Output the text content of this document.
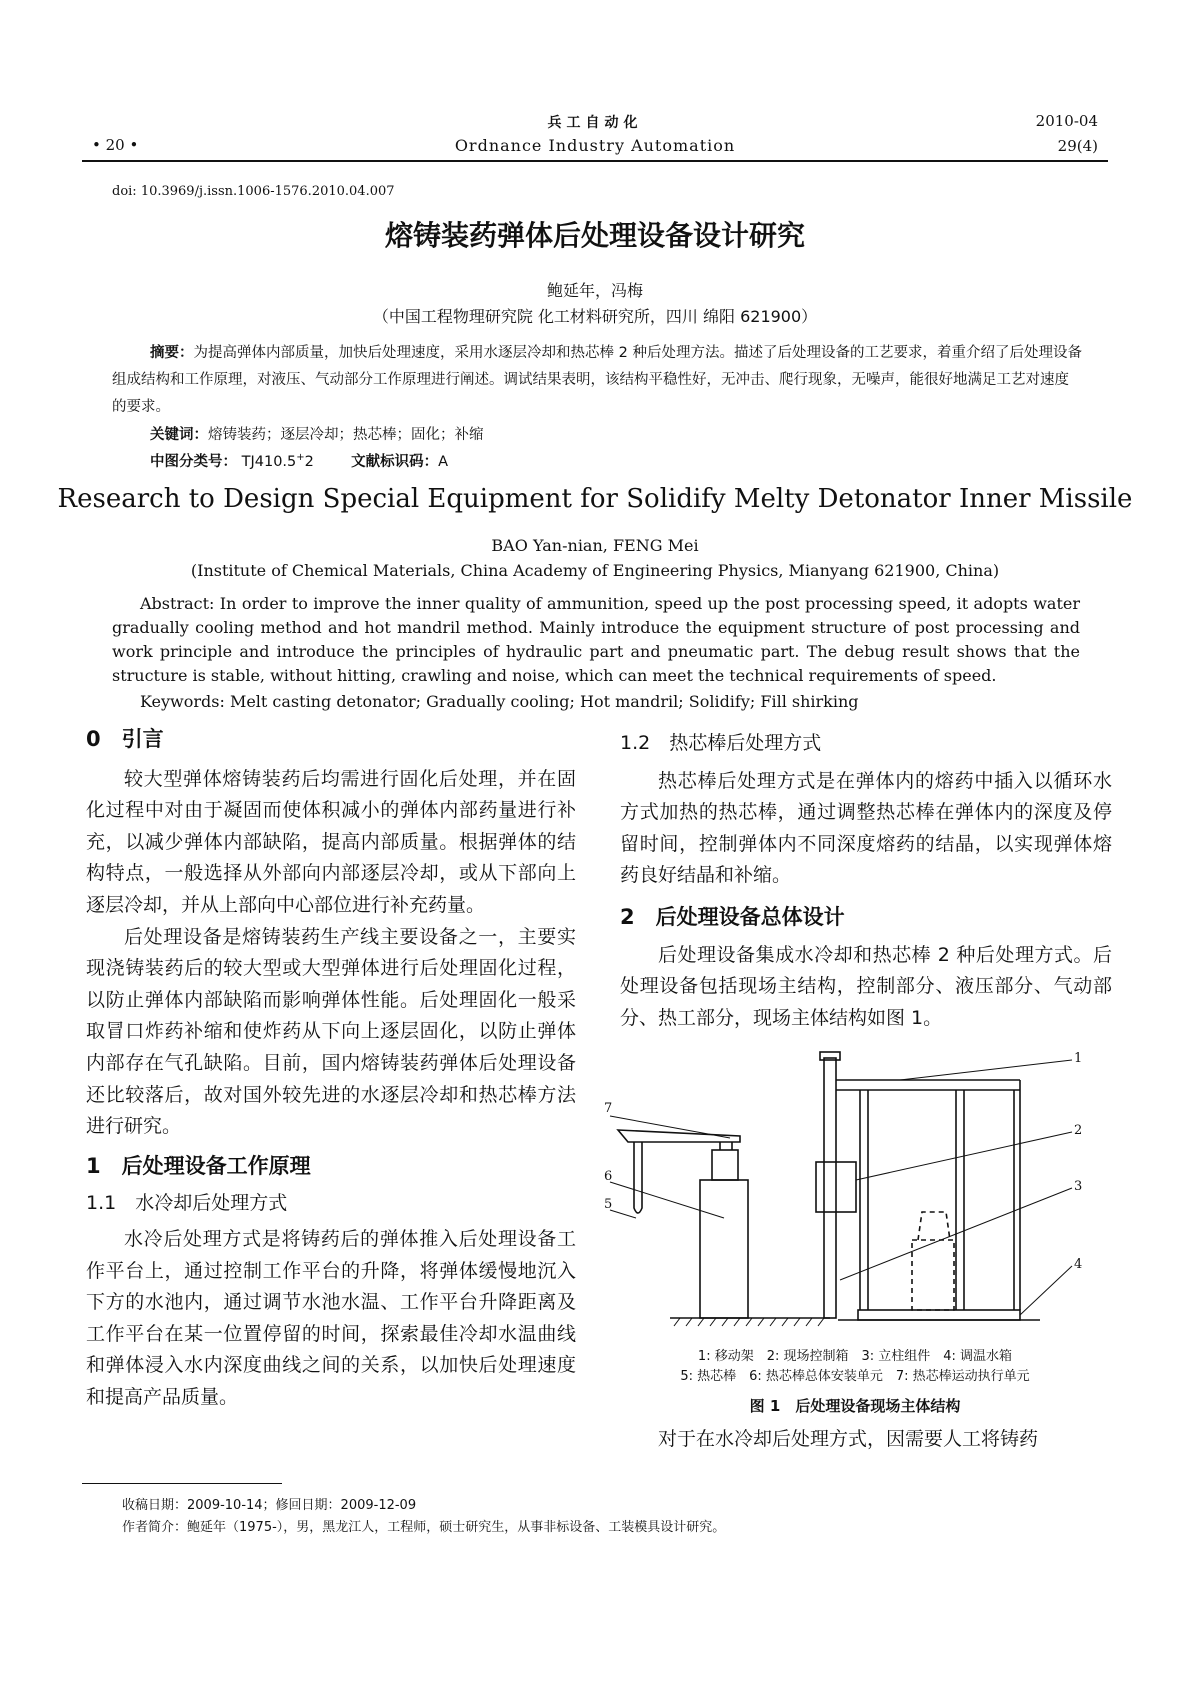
兵工自动化
Ordnance Industry Automation
• 20 •
2010-04
29(4)
doi: 10.3969/j.issn.1006-1576.2010.04.007
熔铸装药弹体后处理设备设计研究
鲍延年，冯梅
（中国工程物理研究院 化工材料研究所，四川 绵阳 621900）
摘要：为提高弹体内部质量，加快后处理速度，采用水逐层冷却和热芯棒 2 种后处理方法。描述了后处理设备的工艺要求，着重介绍了后处理设备组成结构和工作原理，对液压、气动部分工作原理进行阐述。调试结果表明，该结构平稳性好，无冲击、爬行现象，无噪声，能很好地满足工艺对速度的要求。
关键词：熔铸装药；逐层冷却；热芯棒；固化；补缩
中图分类号： TJ410.5+2	文献标识码：A
Research to Design Special Equipment for Solidify Melty Detonator Inner Missile
BAO Yan-nian, FENG Mei
(Institute of Chemical Materials, China Academy of Engineering Physics, Mianyang 621900, China)
Abstract: In order to improve the inner quality of ammunition, speed up the post processing speed, it adopts water gradually cooling method and hot mandril method. Mainly introduce the equipment structure of post processing and work principle and introduce the principles of hydraulic part and pneumatic part. The debug result shows that the structure is stable, without hitting, crawling and noise, which can meet the technical requirements of speed.
Keywords: Melt casting detonator; Gradually cooling; Hot mandril; Solidify; Fill shirking
0　引言

较大型弹体熔铸装药后均需进行固化后处理，并在固化过程中对由于凝固而使体积减小的弹体内部药量进行补充，以减少弹体内部缺陷，提高内部质量。根据弹体的结构特点，一般选择从外部向内部逐层冷却，或从下部向上逐层冷却，并从上部向中心部位进行补充药量。

后处理设备是熔铸装药生产线主要设备之一，主要实现浇铸装药后的较大型或大型弹体进行后处理固化过程，以防止弹体内部缺陷而影响弹体性能。后处理固化一般采取冒口炸药补缩和使炸药从下向上逐层固化，以防止弹体内部存在气孔缺陷。目前，国内熔铸装药弹体后处理设备还比较落后，故对国外较先进的水逐层冷却和热芯棒方法进行研究。

1　后处理设备工作原理
1.1　水冷却后处理方式

水冷后处理方式是将铸药后的弹体推入后处理设备工作平台上，通过控制工作平台的升降，将弹体缓慢地沉入下方的水池内，通过调节水池水温、工作平台升降距离及工作平台在某一位置停留的时间，探索最佳冷却水温曲线和弹体浸入水内深度曲线之间的关系，以加快后处理速度和提高产品质量。

1.2　热芯棒后处理方式

热芯棒后处理方式是在弹体内的熔药中插入以循环水方式加热的热芯棒，通过调整热芯棒在弹体内的深度及停留时间，控制弹体内不同深度熔药的结晶，以实现弹体熔药良好结晶和补缩。

2　后处理设备总体设计

后处理设备集成水冷却和热芯棒 2 种后处理方式。后处理设备包括现场主结构，控制部分、液压部分、气动部分、热工部分，现场主体结构如图 1。

1
2
3
4
5
6
7
1: 移动架　2: 现场控制箱　3: 立柱组件　4: 调温水箱
5: 热芯棒　6: 热芯棒总体安装单元　7: 热芯棒运动执行单元
图 1　后处理设备现场主体结构

对于在水冷却后处理方式，因需要人工将铸药

收稿日期：2009-10-14；修回日期：2009-12-09
作者简介：鲍延年（1975-），男，黑龙江人，工程师，硕士研究生，从事非标设备、工装模具设计研究。
